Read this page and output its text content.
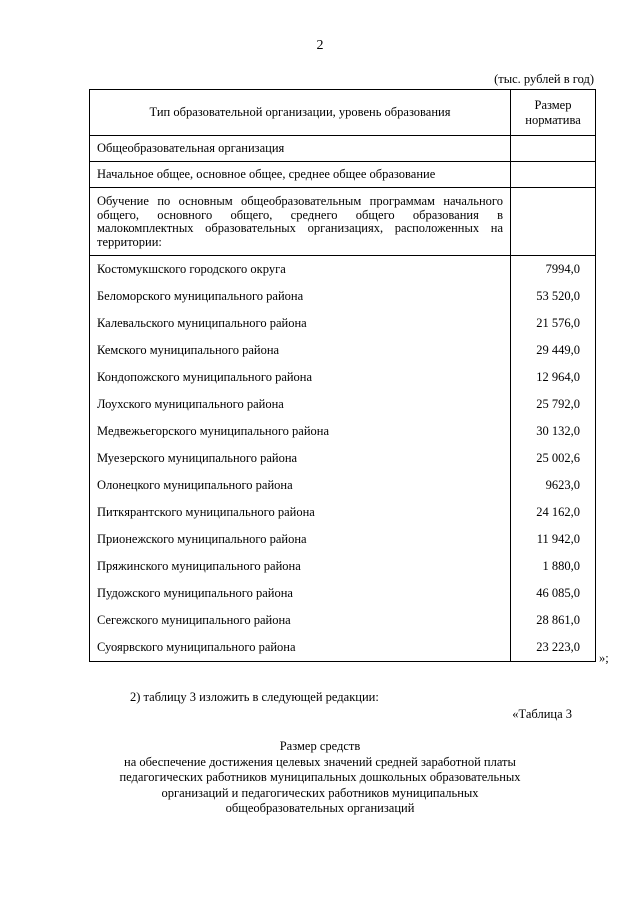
2
(тыс. рублей в год)
Тип образовательной организации, уровень образования	Размер
норматива

Общеобразовательная организация	
Начальное общее, основное общее, среднее общее образование	
Обучение по основным общеобразовательным программам начального общего, основного общего, среднего общего образования в малокомплектных образовательных организациях, расположенных на территории:	
Костомукшского городского округа	7994,0
Беломорского муниципального района	53 520,0
Калевальского муниципального района	21 576,0
Кемского муниципального района	29 449,0
Кондопожского муниципального района	12 964,0
Лоухского муниципального района	25 792,0
Медвежьегорского муниципального района	30 132,0
Муезерского муниципального района	25 002,6
Олонецкого муниципального района	9623,0
Питкярантского муниципального района	24 162,0
Прионежского муниципального района	11 942,0
Пряжинского муниципального района	1 880,0
Пудожского муниципального района	46 085,0
Сегежского муниципального района	28 861,0
Суоярвского муниципального района	23 223,0
»;
2) таблицу 3 изложить в следующей редакции:
«Таблица 3
Размер средств
на обеспечение достижения целевых значений средней заработной платы
педагогических работников муниципальных дошкольных образовательных
организаций и педагогических работников муниципальных
общеобразовательных организаций
